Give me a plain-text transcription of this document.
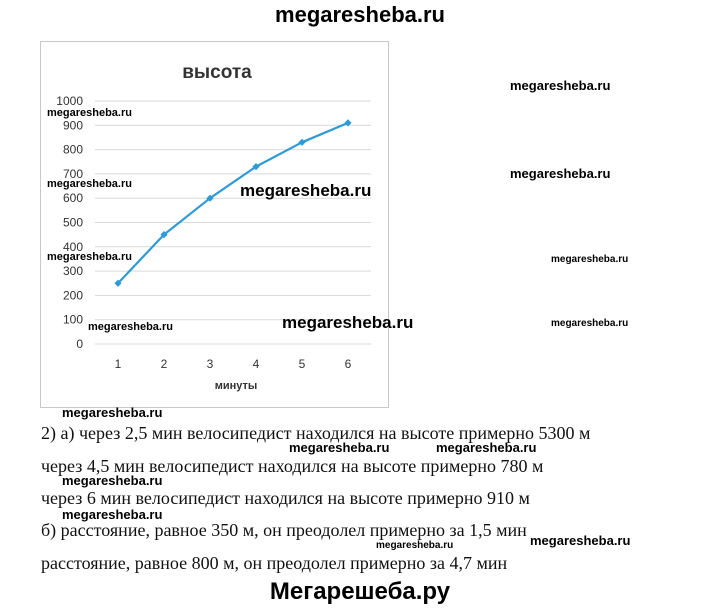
megaresheba.ru
высота
минуты
0
100
200
300
400
500
600
700
800
900
1000
1	2	3	4	5	6
megaresheba.ru
megaresheba.ru
megaresheba.ru
megaresheba.ru
megaresheba.ru
megaresheba.ru
megaresheba.ru
megaresheba.ru
megaresheba.ru
megaresheba.ru
megaresheba.ru
megaresheba.ru	megaresheba.ru
megaresheba.ru
megaresheba.ru
megaresheba.ru	megaresheba.ru
2) а) через 2,5 мин велосипедист находился на высоте примерно 5300 м
через 4,5 мин велосипедист находился на высоте примерно 780 м
через 6 мин велосипедист находился на высоте примерно 910 м
б) расстояние, равное 350 м, он преодолел примерно за 1,5 мин
расстояние, равное 800 м, он преодолел примерно за 4,7 мин
Мегарешеба.ру
